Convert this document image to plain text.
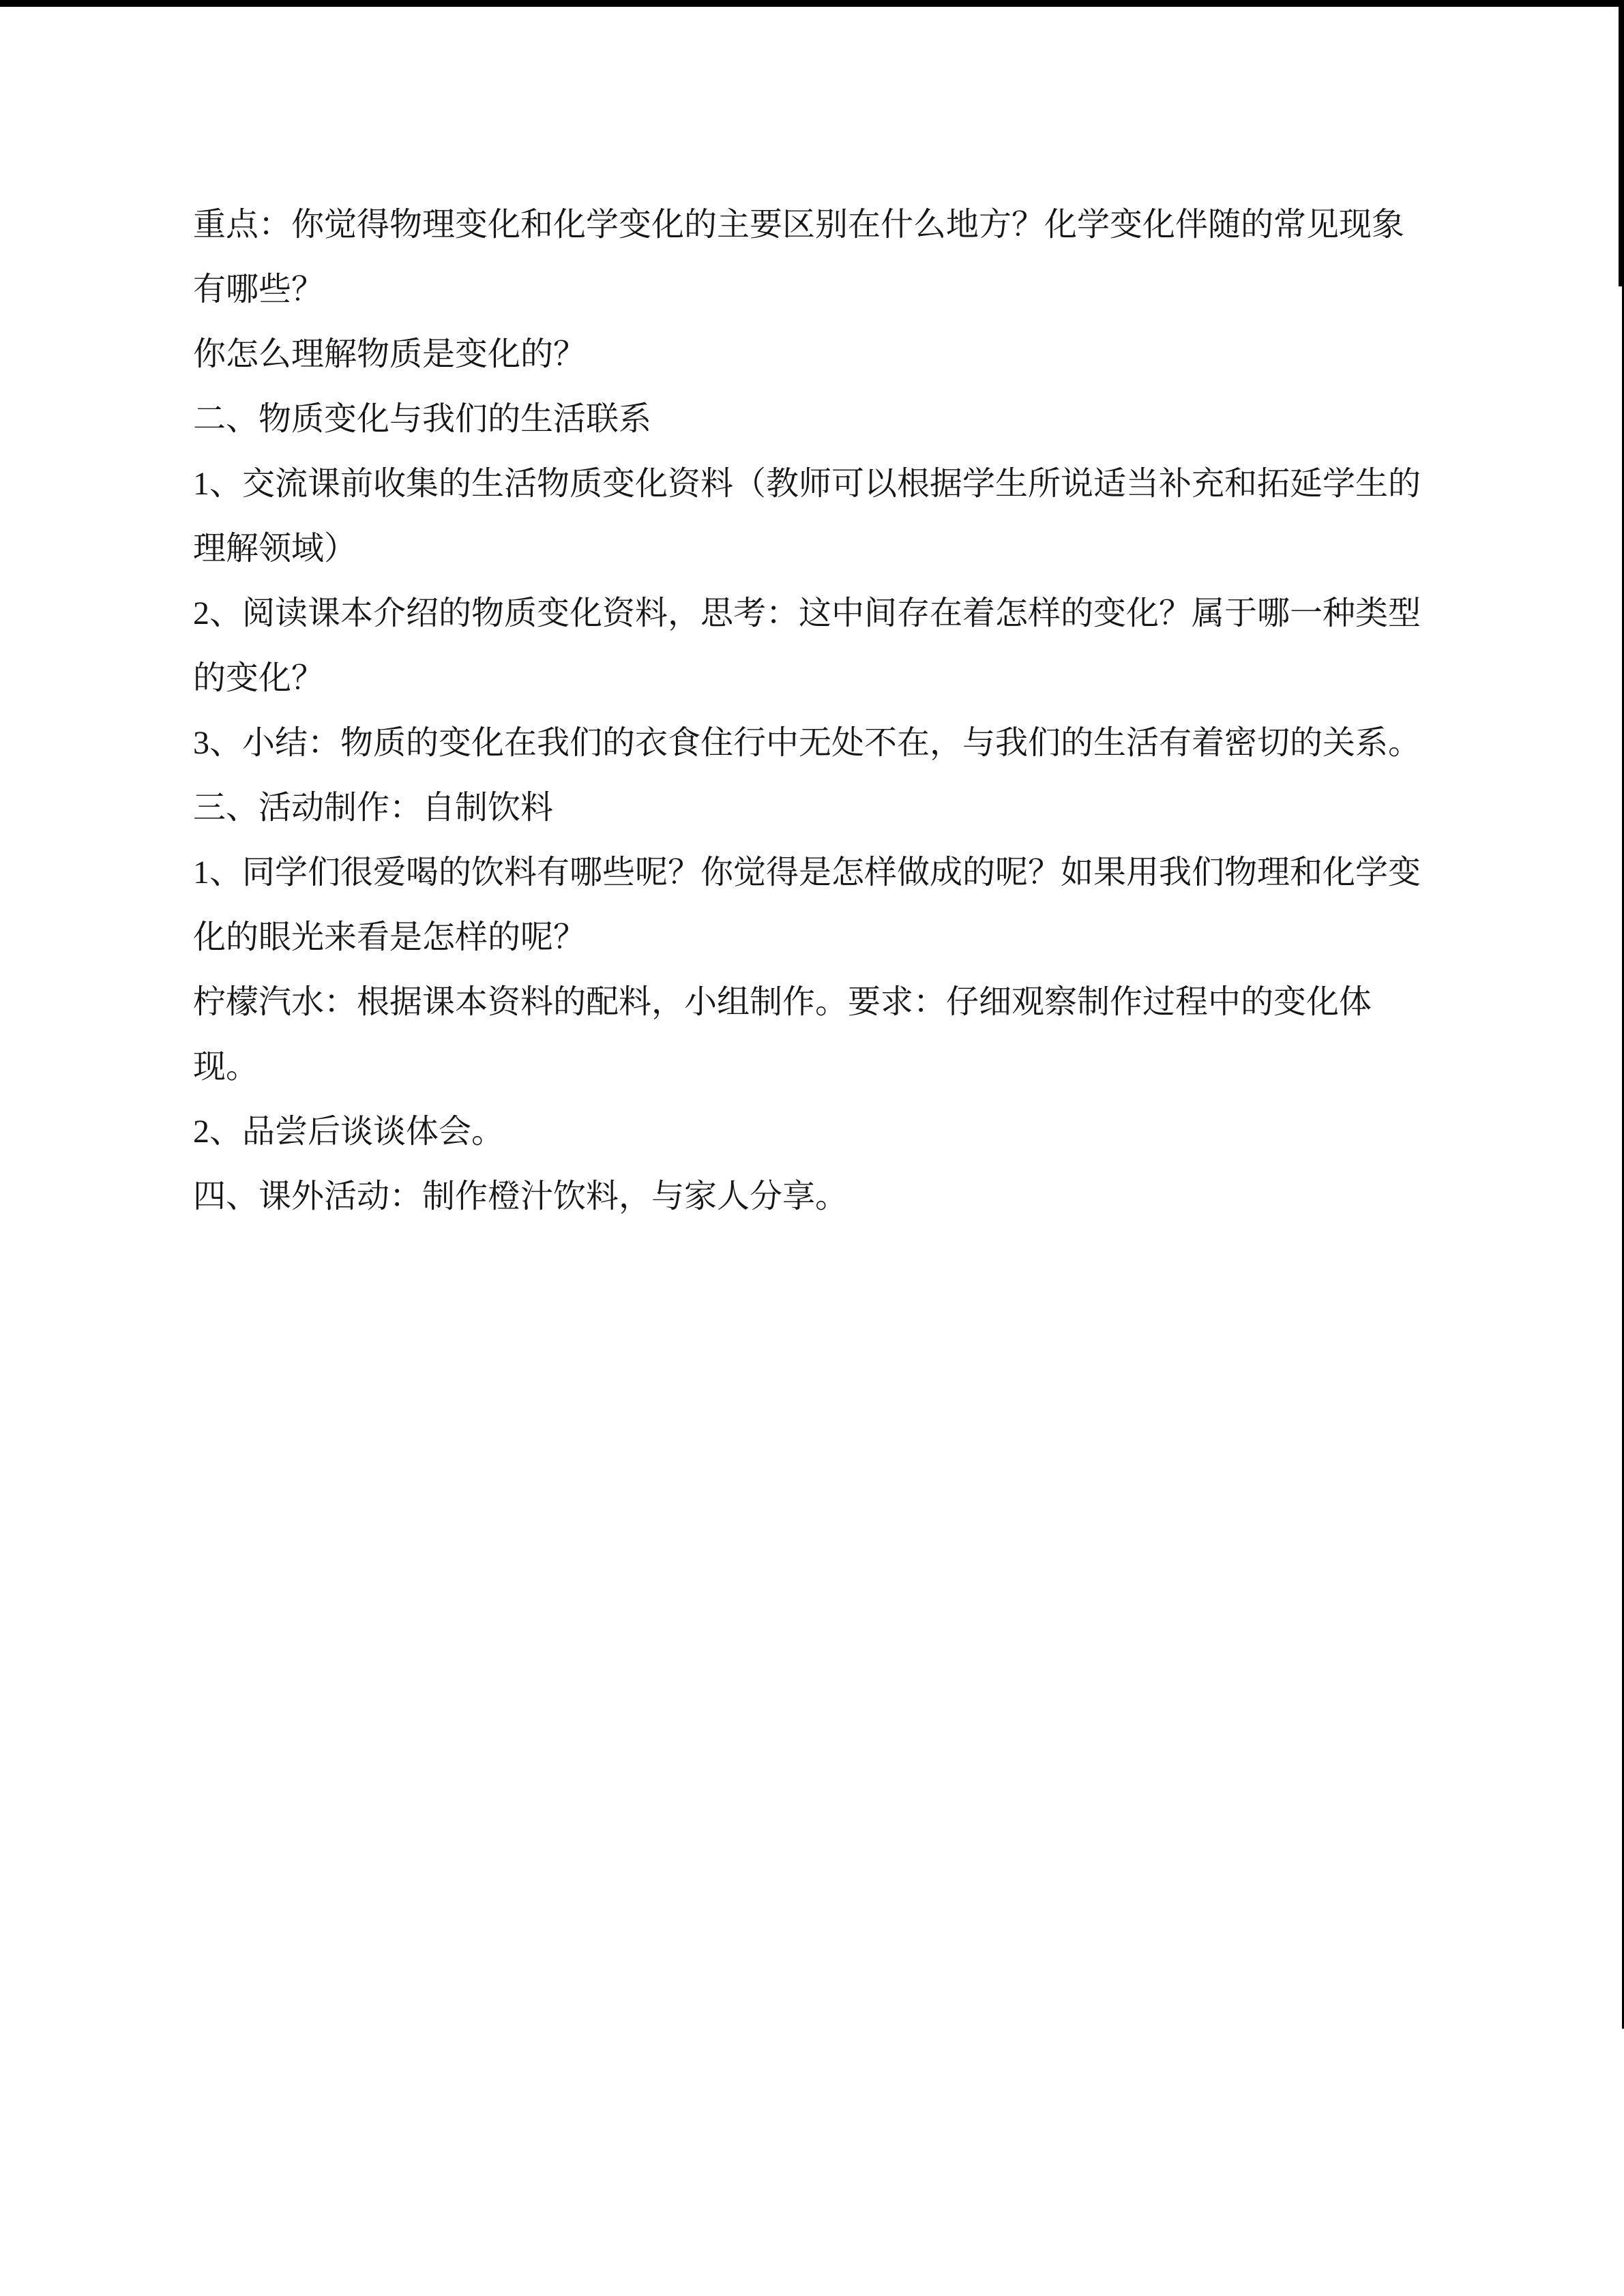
重点：你觉得物理变化和化学变化的主要区别在什么地方？化学变化伴随的常见现象
有哪些？
你怎么理解物质是变化的？
二、物质变化与我们的生活联系
1、交流课前收集的生活物质变化资料（教师可以根据学生所说适当补充和拓延学生的
理解领域）
2、阅读课本介绍的物质变化资料，思考：这中间存在着怎样的变化？属于哪一种类型
的变化？
3、小结：物质的变化在我们的衣食住行中无处不在，与我们的生活有着密切的关系。
三、活动制作：自制饮料
1、同学们很爱喝的饮料有哪些呢？你觉得是怎样做成的呢？如果用我们物理和化学变
化的眼光来看是怎样的呢？
柠檬汽水：根据课本资料的配料，小组制作。要求：仔细观察制作过程中的变化体
现。
2、品尝后谈谈体会。
四、课外活动：制作橙汁饮料，与家人分享。
